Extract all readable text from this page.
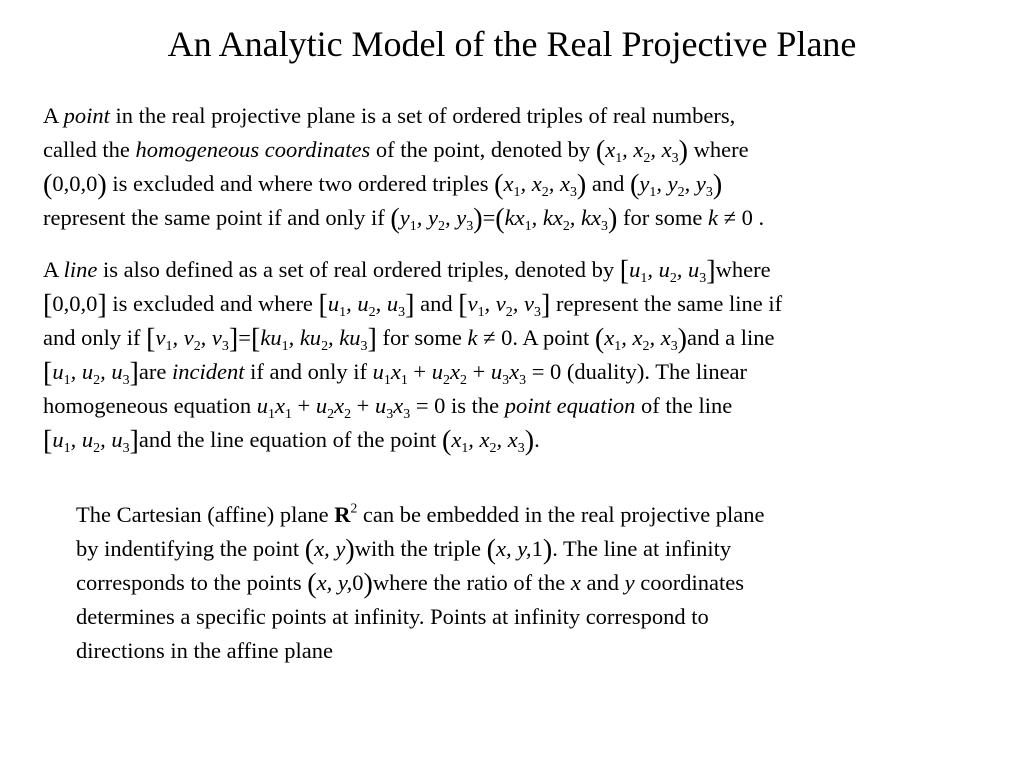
An Analytic Model of the Real Projective Plane
A point in the real projective plane is a set of ordered triples of real numbers,
called the homogeneous coordinates of the point, denoted by ($x_1$, $x_2$, $x_3$) where
(0,0,0) is excluded and where two ordered triples ($x_1$, $x_2$, $x_3$) and ($y_1$, $y_2$, $y_3$)
represent the same point if and only if ($y_1$, $y_2$, $y_3)=(kx_1$, $kx_2$, $kx_3$) for some k ≠ 0 .
A line is also defined as a set of real ordered triples, denoted by [$u_1$, $u_2$, $u_3]where$
[0,0,0] is excluded and where [$u_1$, $u_2$, $u_3$] and [$v_1$, $v_2$, $v_3$] represent the same line if
and only if [$v_1$, $v_2$, $v_3]=[ku_1$, $ku_2$, $ku_3$] for some k ≠ 0. A point ($x_1$, $x_2$, $x_3)and$ a line
[$u_1$, $u_2$, $u_3]are$ incident if and only if $u_1x_1 + u_2x_2 + u_3x_3 = 0$ (duality). The linear
homogeneous equation $u_1x_1 + u_2x_2 + u_3x_3 = 0$ is the point equation of the line
[$u_1$, $u_2$, $u_3]and$ the line equation of the point ($x_1$, $x_2$, $x_3$).
The Cartesian (affine) plane $R^2$ can be embedded in the real projective plane
by indentifying the point (x, y)with the triple (x, y,1). The line at infinity
corresponds to the points (x, y,0)where the ratio of the x and y coordinates
determines a specific points at infinity. Points at infinity correspond to
directions in the affine plane
